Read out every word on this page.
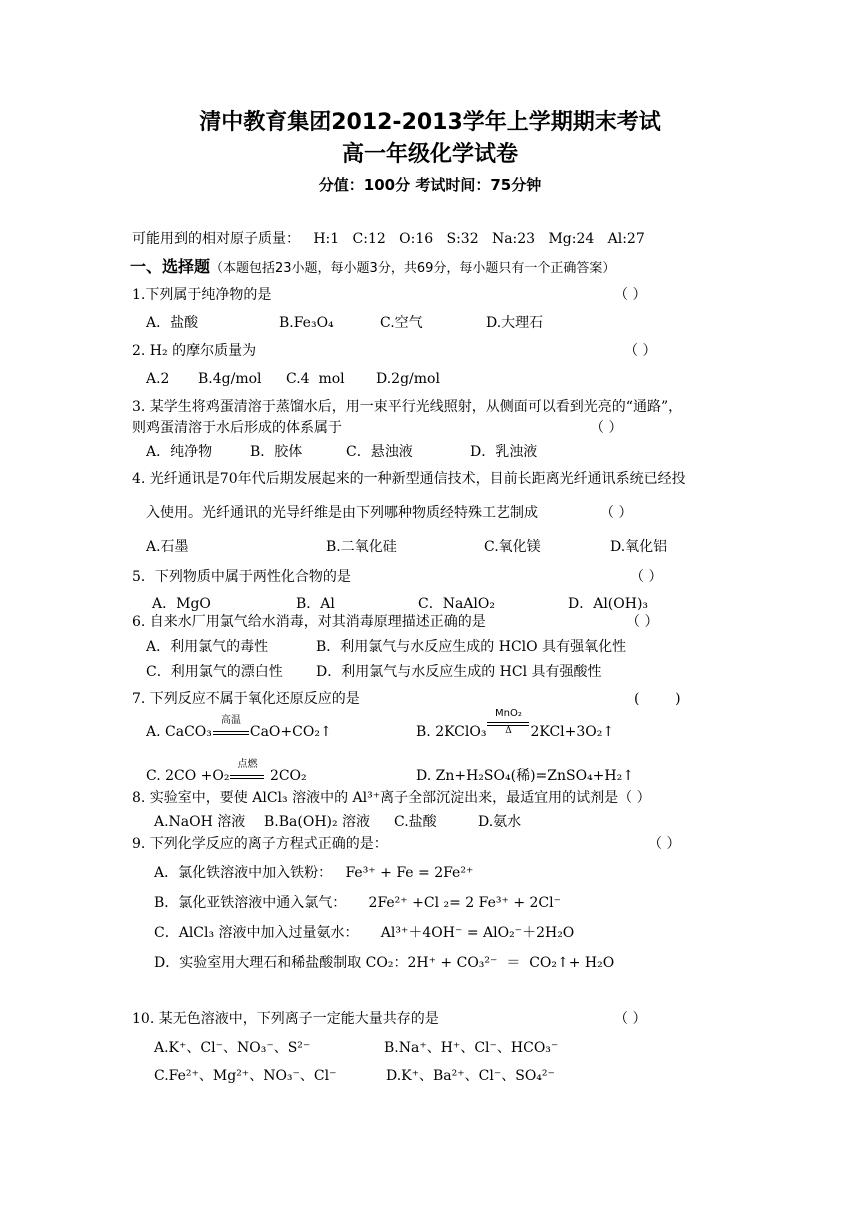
清中教育集团2012-2013学年上学期期末考试
高一年级化学试卷
分值：100分 考试时间：75分钟
可能用到的相对原子质量：   H:1   C:12   O:16   S:32   Na:23   Mg:24   Al:27
一、选择题（本题包括23小题，每小题3分，共69分，每小题只有一个正确答案）
1.下列属于纯净物的是	（ ）
A．盐酸	B.Fe₃O₄	C.空气	D.大理石
2. H₂ 的摩尔质量为	（ ）
A.2 B.4g/mol C.4  mol D.2g/mol
3. 某学生将鸡蛋清溶于蒸馏水后，用一束平行光线照射，从侧面可以看到光亮的“通路”，
则鸡蛋清溶于水后形成的体系属于	（ ）
A．纯净物	B．胶体	C．悬浊液	D．乳浊液
4. 光纤通讯是70年代后期发展起来的一种新型通信技术，目前长距离光纤通讯系统已经投
入使用。光纤通讯的光导纤维是由下列哪种物质经特殊工艺制成	（ ）
A.石墨	B.二氧化硅	C.氧化镁	D.氧化铝
5．下列物质中属于两性化合物的是	（ ）
A．MgO	B．Al	C．NaAlO₂	D．Al(OH)₃
6. 自来水厂用氯气给水消毒，对其消毒原理描述正确的是	（ ）
A．利用氯气的毒性	B．利用氯气与水反应生成的 HClO 具有强氧化性
C．利用氯气的漂白性 D．利用氯气与水反应生成的 HCl 具有强酸性
7. 下列反应不属于氧化还原反应的是	(        )
A. CaCO₃
高温
CaO+CO₂↑	B. 2KClO₃
MnO₂
Δ	2KCl+3O₂↑
C. 2CO +O₂
点燃
2CO₂	D. Zn+H₂SO₄(稀)=ZnSO₄+H₂↑
8. 实验室中，要使 AlCl₃ 溶液中的 Al³⁺离子全部沉淀出来，最适宜用的试剂是（ ）
A.NaOH 溶液 B.Ba(OH)₂ 溶液 C.盐酸	D.氨水
9. 下列化学反应的离子方程式正确的是：	（ ）
A．氯化铁溶液中加入铁粉：   Fe³⁺ + Fe = 2Fe²⁺
B．氯化亚铁溶液中通入氯气：     2Fe²⁺ +Cl ₂= 2 Fe³⁺ + 2Cl⁻
C．AlCl₃ 溶液中加入过量氨水：     Al³⁺＋4OH⁻ = AlO₂⁻＋2H₂O
D．实验室用大理石和稀盐酸制取 CO₂：2H⁺ + CO₃²⁻  ＝  CO₂↑+ H₂O
10. 某无色溶液中，下列离子一定能大量共存的是	（ ）
A.K⁺、Cl⁻、NO₃⁻、S²⁻	B.Na⁺、H⁺、Cl⁻、HCO₃⁻
C.Fe²⁺、Mg²⁺、NO₃⁻、Cl⁻	D.K⁺、Ba²⁺、Cl⁻、SO₄²⁻
